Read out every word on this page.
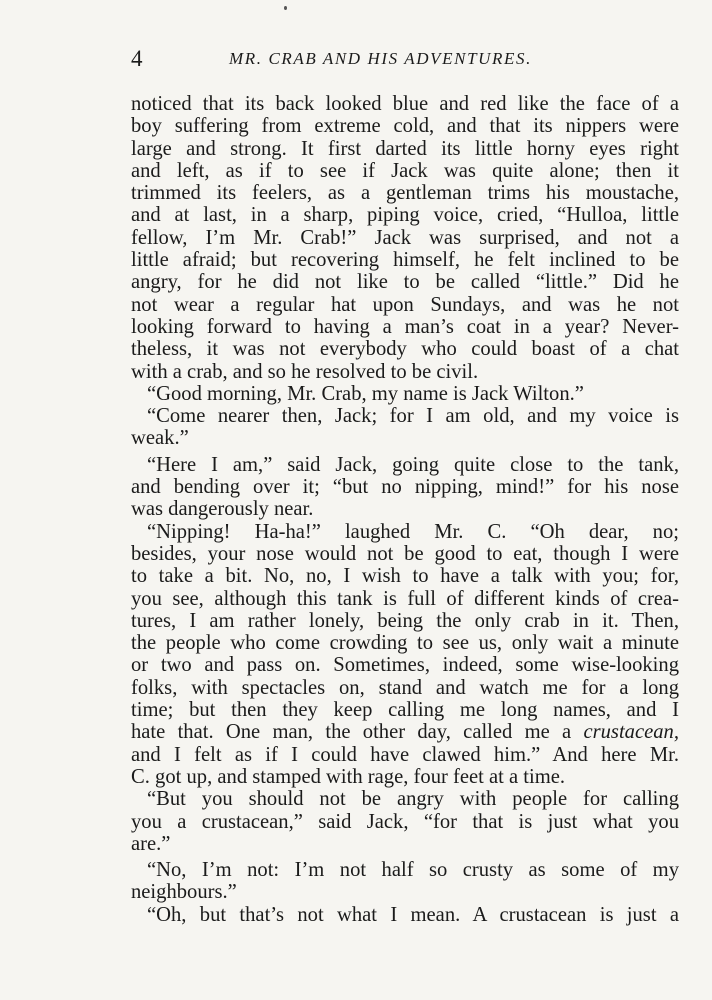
4	MR. CRAB AND HIS ADVENTURES.
noticed that its back looked blue and red like the face of a
boy suffering from extreme cold, and that its nippers were
large and strong. It first darted its little horny eyes right
and left, as if to see if Jack was quite alone; then it
trimmed its feelers, as a gentleman trims his moustache,
and at last, in a sharp, piping voice, cried, “Hulloa, little
fellow, I’m Mr. Crab!” Jack was surprised, and not a
little afraid; but recovering himself, he felt inclined to be
angry, for he did not like to be called “little.” Did he
not wear a regular hat upon Sundays, and was he not
looking forward to having a man’s coat in a year? Never-
theless, it was not everybody who could boast of a chat
with a crab, and so he resolved to be civil.
“Good morning, Mr. Crab, my name is Jack Wilton.”
“Come nearer then, Jack; for I am old, and my voice is
weak.”
“Here I am,” said Jack, going quite close to the tank,
and bending over it; “but no nipping, mind!” for his nose
was dangerously near.
“Nipping! Ha-ha!” laughed Mr. C. “Oh dear, no;
besides, your nose would not be good to eat, though I were
to take a bit. No, no, I wish to have a talk with you; for,
you see, although this tank is full of different kinds of crea-
tures, I am rather lonely, being the only crab in it. Then,
the people who come crowding to see us, only wait a minute
or two and pass on. Sometimes, indeed, some wise-looking
folks, with spectacles on, stand and watch me for a long
time; but then they keep calling me long names, and I
hate that. One man, the other day, called me a crustacean,
and I felt as if I could have clawed him.” And here Mr.
C. got up, and stamped with rage, four feet at a time.
“But you should not be angry with people for calling
you a crustacean,” said Jack, “for that is just what you
are.”
“No, I’m not: I’m not half so crusty as some of my
neighbours.”
“Oh, but that’s not what I mean. A crustacean is just a
